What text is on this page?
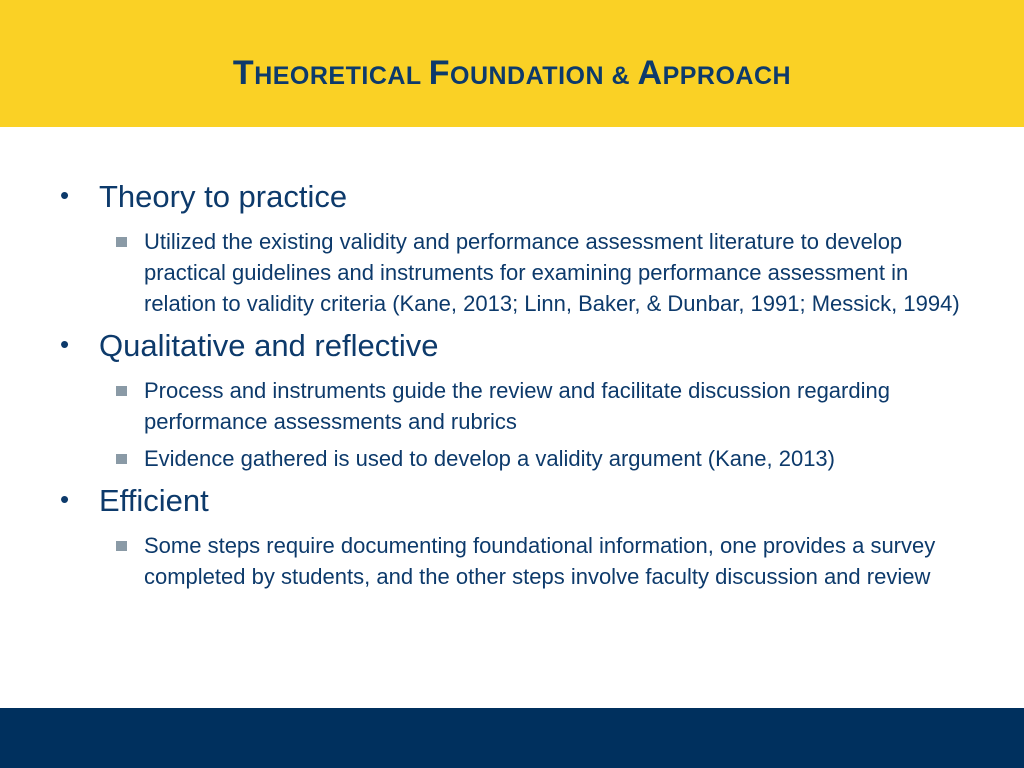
THEORETICAL FOUNDATION & APPROACH
• Theory to practice
Utilized the existing validity and performance assessment literature to develop practical guidelines and instruments for examining performance assessment in relation to validity criteria (Kane, 2013; Linn, Baker, & Dunbar, 1991; Messick, 1994)
• Qualitative and reflective
Process and instruments guide the review and facilitate discussion regarding performance assessments and rubrics
Evidence gathered is used to develop a validity argument (Kane, 2013)
• Efficient
Some steps require documenting foundational information, one provides a survey completed by students, and the other steps involve faculty discussion and review
